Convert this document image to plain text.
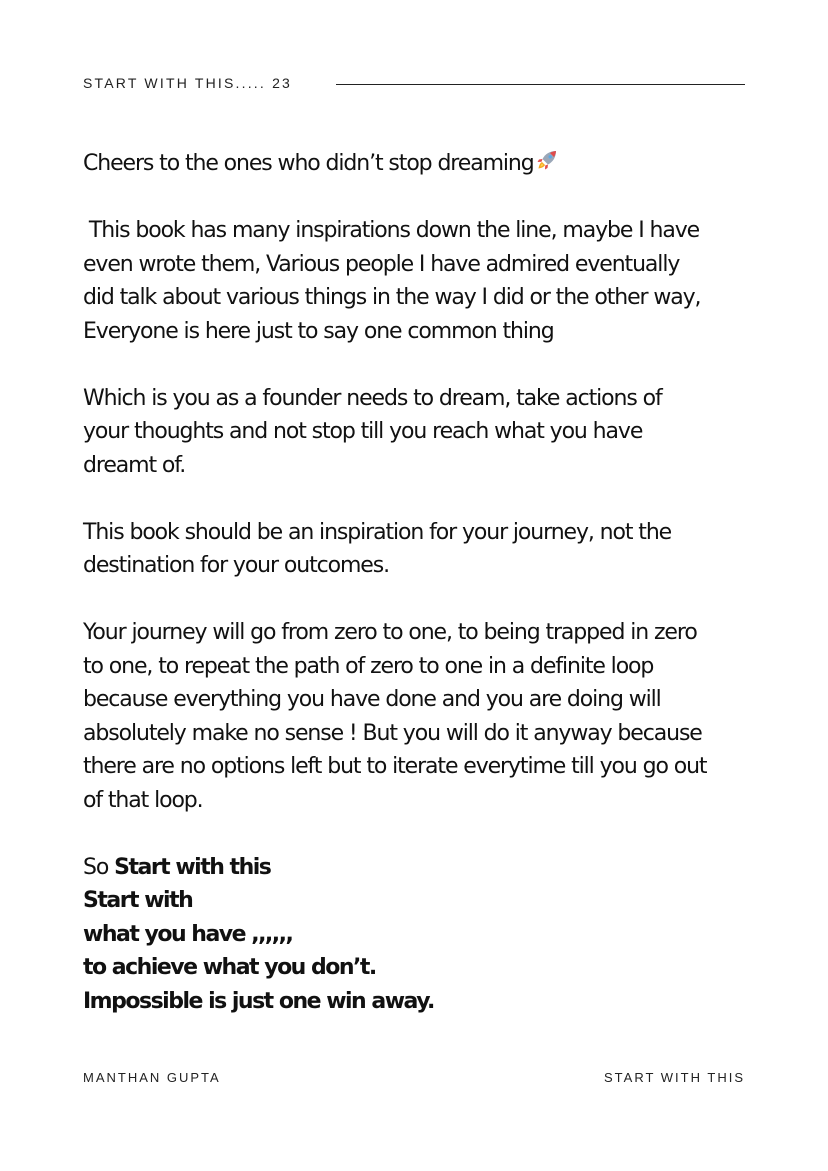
START WITH THIS..... 23

Cheers to the ones who didn’t stop dreaming

This book has many inspirations down the line, maybe I have
even wrote them, Various people I have admired eventually
did talk about various things in the way I did or the other way,
Everyone is here just to say one common thing

Which is you as a founder needs to dream, take actions of
your thoughts and not stop till you reach what you have
dreamt of.

This book should be an inspiration for your journey, not the
destination for your outcomes.

Your journey will go from zero to one, to being trapped in zero
to one, to repeat the path of zero to one in a definite loop
because everything you have done and you are doing will
absolutely make no sense ! But you will do it anyway because
there are no options left but to iterate everytime till you go out
of that loop.

So Start with this
Start with
what you have ,,,,,,
to achieve what you don’t.
Impossible is just one win away.

MANTHAN GUPTA	START WITH THIS
